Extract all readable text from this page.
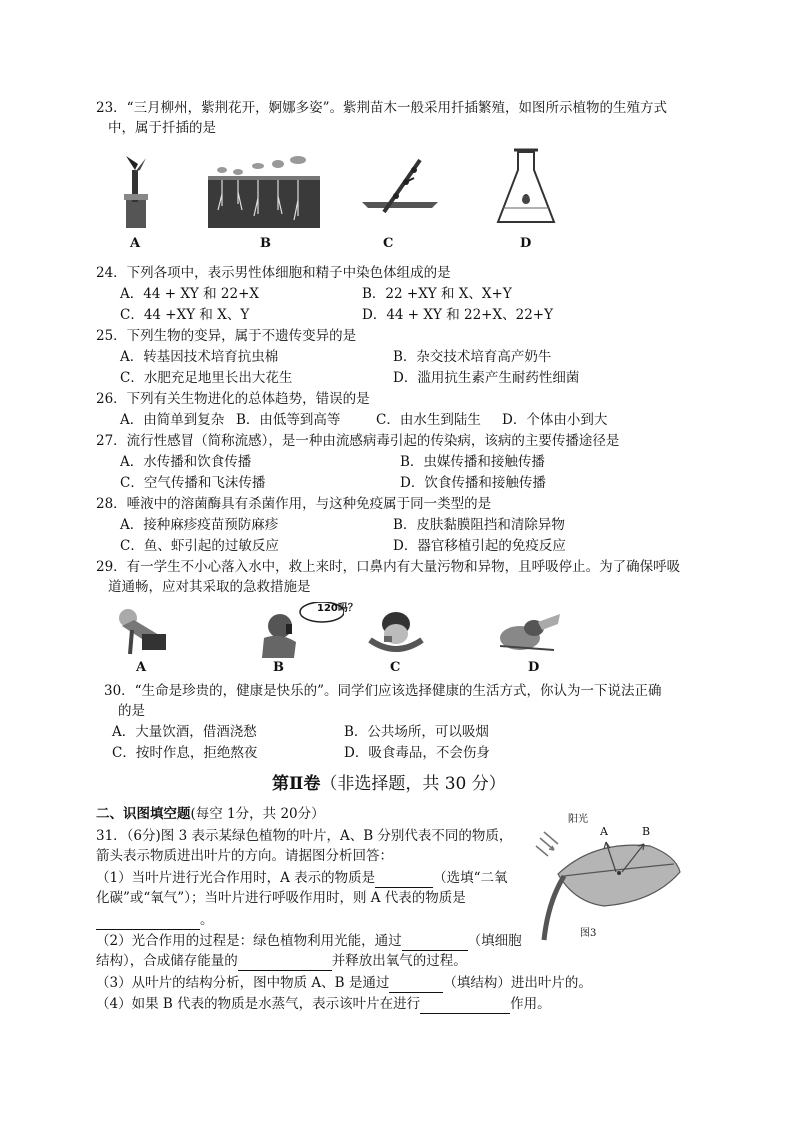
23．“三月柳州，紫荆花开，婀娜多姿”。紫荆苗木一般采用扦插繁殖，如图所示植物的生殖方式
中，属于扦插的是
A	B	C	D
24．下列各项中，表示男性体细胞和精子中染色体组成的是
A．44 + XY 和 22+X	B．22 +XY 和 X、X+Y
C．44 +XY 和 X、Y	D．44 + XY 和 22+X、22+Y
25．下列生物的变异，属于不遗传变异的是
A．转基因技术培育抗虫棉	B．杂交技术培育高产奶牛
C．水肥充足地里长出大花生	D．滥用抗生素产生耐药性细菌
26．下列有关生物进化的总体趋势，错误的是
A．由简单到复杂 B．由低等到高等	C．由水生到陆生 D．个体由小到大
27．流行性感冒（简称流感），是一种由流感病毒引起的传染病，该病的主要传播途径是
A．水传播和饮食传播	B．虫媒传播和接触传播
C．空气传播和飞沫传播	D．饮食传播和接触传播
28．唾液中的溶菌酶具有杀菌作用，与这种免疫属于同一类型的是
A．接种麻疹疫苗预防麻疹	B．皮肤黏膜阻挡和清除异物
C．鱼、虾引起的过敏反应	D．器官移植引起的免疫反应
29．有一学生不小心落入水中，救上来时，口鼻内有大量污物和异物，且呼吸停止。为了确保呼吸
道通畅，应对其采取的急救措施是
A
120吗？
B	C	D
30．“生命是珍贵的，健康是快乐的”。同学们应该选择健康的生活方式，你认为一下说法正确
的是
A．大量饮酒，借酒浇愁	B．公共场所，可以吸烟
C．按时作息，拒绝熬夜	D．吸食毒品，不会伤身
第Ⅱ卷（非选择题，共 30 分）
二、识图填空题(每空 1分，共 20分）
31．（6分)图 3 表示某绿色植物的叶片，A、B 分别代表不同的物质，
箭头表示物质进出叶片的方向。请据图分析回答：
（1）当叶片进行光合作用时，A 表示的物质是	（选填“二氧
化碳”或“氧气”）；当叶片进行呼吸作用时，则 A 代表的物质是
。
（2）光合作用的过程是：绿色植物利用光能，通过	（填细胞
结构），合成储存能量的	并释放出氧气的过程。
（3）从叶片的结构分析，图中物质 A、B 是通过	（填结构）进出叶片的。
（4）如果 B 代表的物质是水蒸气，表示该叶片在进行	作用。
阳光
A	B
图3
